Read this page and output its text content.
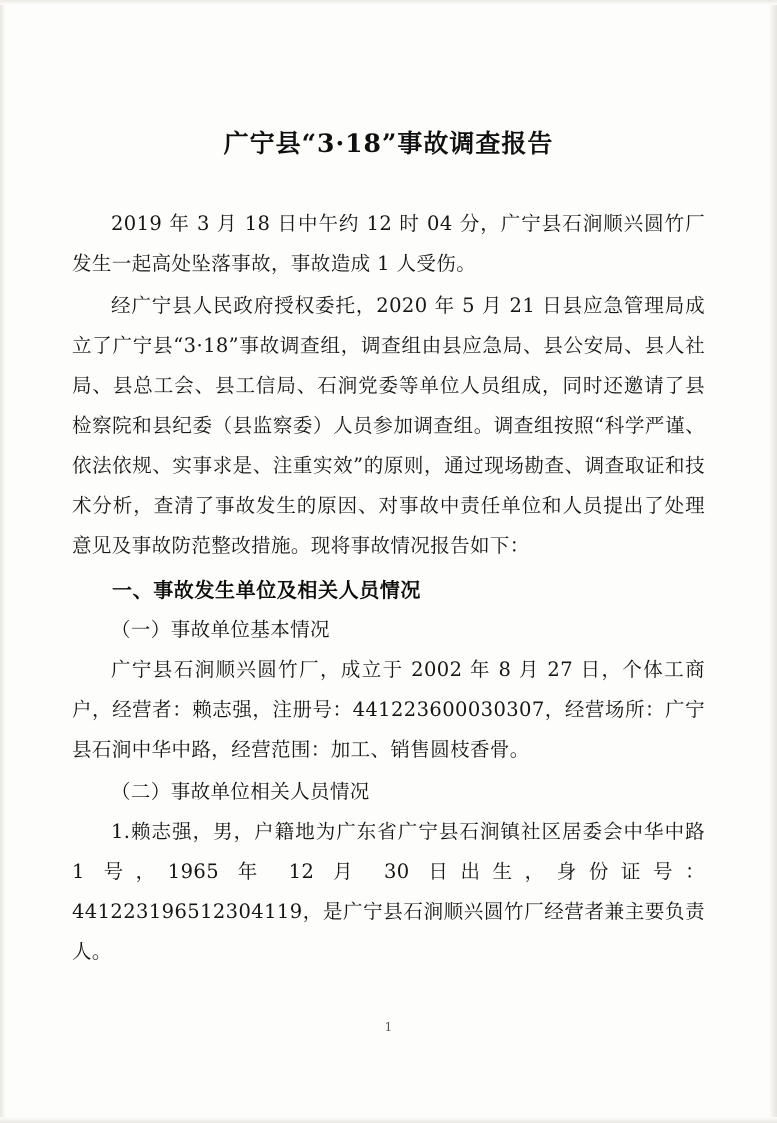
广宁县“3·18”事故调查报告

2019 年 3 月 18 日中午约 12 时 04 分，广宁县石涧顺兴圆竹厂发生一起高处坠落事故，事故造成 1 人受伤。

经广宁县人民政府授权委托，2020 年 5 月 21 日县应急管理局成立了广宁县“3·18”事故调查组，调查组由县应急局、县公安局、县人社局、县总工会、县工信局、石涧党委等单位人员组成，同时还邀请了县检察院和县纪委（县监察委）人员参加调查组。调查组按照“科学严谨、依法依规、实事求是、注重实效”的原则，通过现场勘查、调查取证和技术分析，查清了事故发生的原因、对事故中责任单位和人员提出了处理意见及事故防范整改措施。现将事故情况报告如下：

一、事故发生单位及相关人员情况

（一）事故单位基本情况

广宁县石涧顺兴圆竹厂，成立于 2002 年 8 月 27 日，个体工商户，经营者：赖志强，注册号：441223600030307，经营场所：广宁县石涧中华中路，经营范围：加工、销售圆枝香骨。

（二）事故单位相关人员情况

1.赖志强，男，户籍地为广东省广宁县石涧镇社区居委会中华中路 1 号，1965 年 12 月 30 日出生，身份证号：441223196512304119，是广宁县石涧顺兴圆竹厂经营者兼主要负责人。

1
